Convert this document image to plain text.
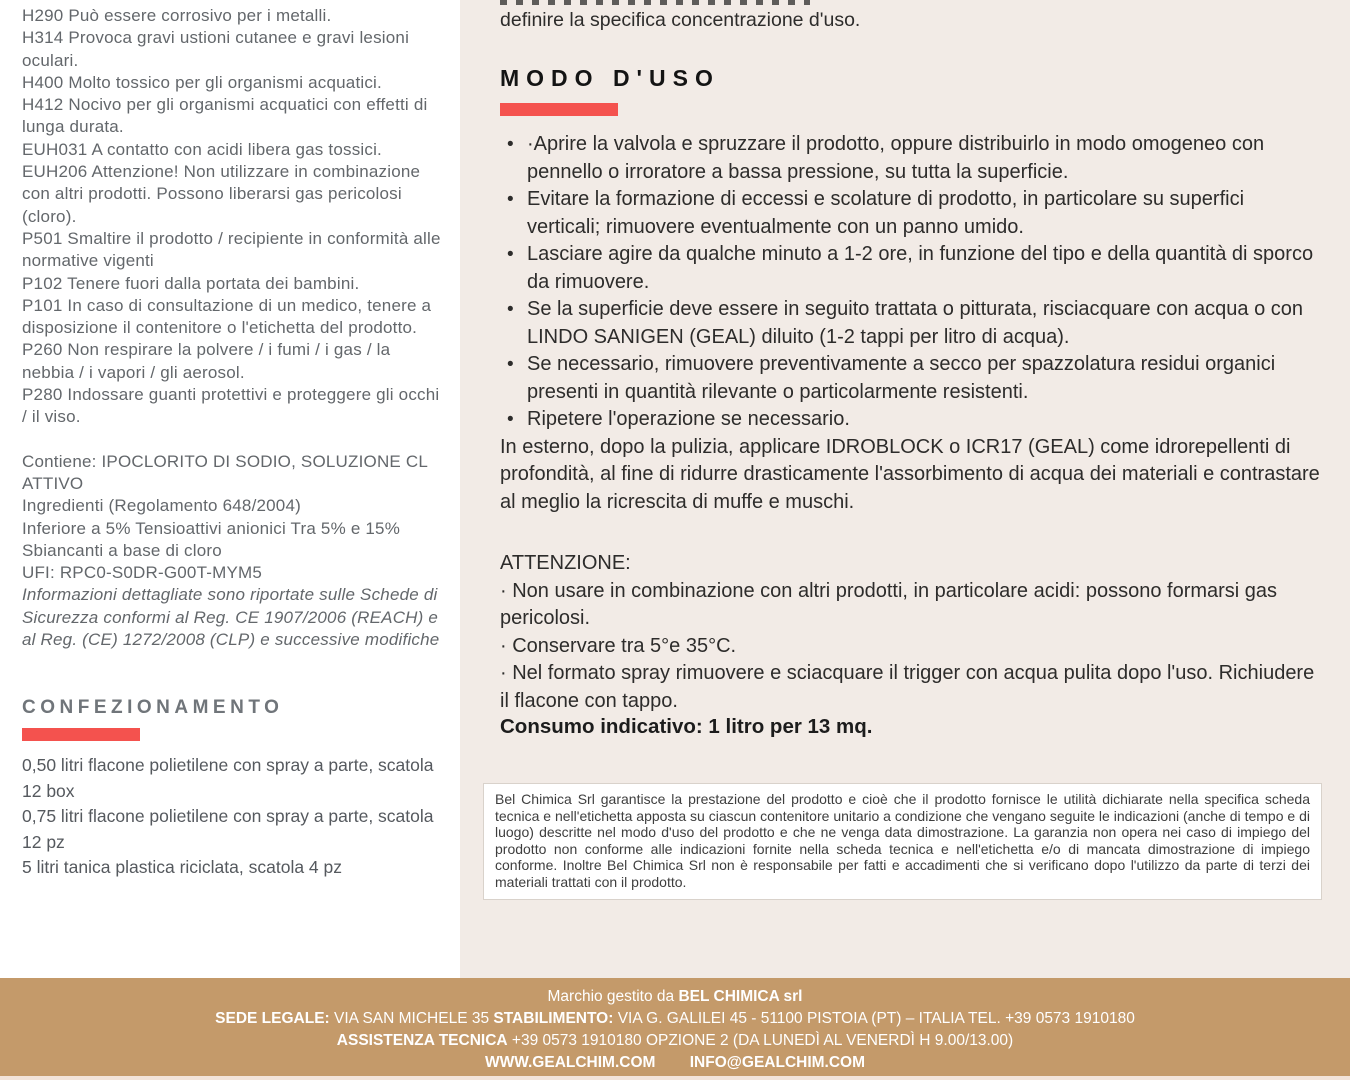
H290 Può essere corrosivo per i metalli.

H314 Provoca gravi ustioni cutanee e gravi lesioni oculari.

H400 Molto tossico per gli organismi acquatici.

H412 Nocivo per gli organismi acquatici con effetti di lunga durata.

EUH031 A contatto con acidi libera gas tossici.

EUH206 Attenzione! Non utilizzare in combinazione con altri prodotti. Possono liberarsi gas pericolosi (cloro).

P501 Smaltire il prodotto / recipiente in conformità alle normative vigenti

P102 Tenere fuori dalla portata dei bambini.

P101 In caso di consultazione di un medico, tenere a disposizione il contenitore o l'etichetta del prodotto.

P260 Non respirare la polvere / i fumi / i gas / la nebbia / i vapori / gli aerosol.

P280 Indossare guanti protettivi e proteggere gli occhi / il viso.

Contiene: IPOCLORITO DI SODIO, SOLUZIONE CL ATTIVO

Ingredienti (Regolamento 648/2004)

Inferiore a 5% Tensioattivi anionici Tra 5% e 15% Sbiancanti a base di cloro

UFI: RPC0-S0DR-G00T-MYM5

Informazioni dettagliate sono riportate sulle Schede di Sicurezza conformi al Reg. CE 1907/2006 (REACH) e al Reg. (CE) 1272/2008 (CLP) e successive modifiche

CONFEZIONAMENTO

0,50 litri flacone polietilene con spray a parte, scatola 12 box

0,75 litri flacone polietilene con spray a parte, scatola 12 pz

5 litri tanica plastica riciclata, scatola 4 pz

definire la specifica concentrazione d'uso.

MODO D'USO
• ·Aprire la valvola e spruzzare il prodotto, oppure distribuirlo in modo omogeneo con pennello o irroratore a bassa pressione, su tutta la superficie.
• Evitare la formazione di eccessi e scolature di prodotto, in particolare su superfici verticali; rimuovere eventualmente con un panno umido.
• Lasciare agire da qualche minuto a 1-2 ore, in funzione del tipo e della quantità di sporco da rimuovere.
• Se la superficie deve essere in seguito trattata o pitturata, risciacquare con acqua o con LINDO SANIGEN (GEAL) diluito (1-2 tappi per litro di acqua).
• Se necessario, rimuovere preventivamente a secco per spazzolatura residui organici presenti in quantità rilevante o particolarmente resistenti.
• Ripetere l'operazione se necessario.

In esterno, dopo la pulizia, applicare IDROBLOCK o ICR17 (GEAL) come idrorepellenti di profondità, al fine di ridurre drasticamente l'assorbimento di acqua dei materiali e contrastare al meglio la ricrescita di muffe e muschi.

ATTENZIONE:

· Non usare in combinazione con altri prodotti, in particolare acidi: possono formarsi gas pericolosi.

· Conservare tra 5°e 35°C.

· Nel formato spray rimuovere e sciacquare il trigger con acqua pulita dopo l'uso. Richiudere il flacone con tappo.

Consumo indicativo: 1 litro per 13 mq.

Bel Chimica Srl garantisce la prestazione del prodotto e cioè che il prodotto fornisce le utilità dichiarate nella specifica scheda tecnica e nell'etichetta apposta su ciascun contenitore unitario a condizione che vengano seguite le indicazioni (anche di tempo e di luogo) descritte nel modo d'uso del prodotto e che ne venga data dimostrazione. La garanzia non opera nei caso di impiego del prodotto non conforme alle indicazioni fornite nella scheda tecnica e nell'etichetta e/o di mancata dimostrazione di impiego conforme. Inoltre Bel Chimica Srl non è responsabile per fatti e accadimenti che si verificano dopo l'utilizzo da parte di terzi dei materiali trattati con il prodotto.
Marchio gestito da BEL CHIMICA srl
SEDE LEGALE: VIA SAN MICHELE 35 STABILIMENTO: VIA G. GALILEI 45 - 51100 PISTOIA (PT) – ITALIA TEL. +39 0573 1910180
ASSISTENZA TECNICA +39 0573 1910180 OPZIONE 2 (DA LUNEDÌ AL VENERDÌ H 9.00/13.00)
WWW.GEALCHIM.COM INFO@GEALCHIM.COM
